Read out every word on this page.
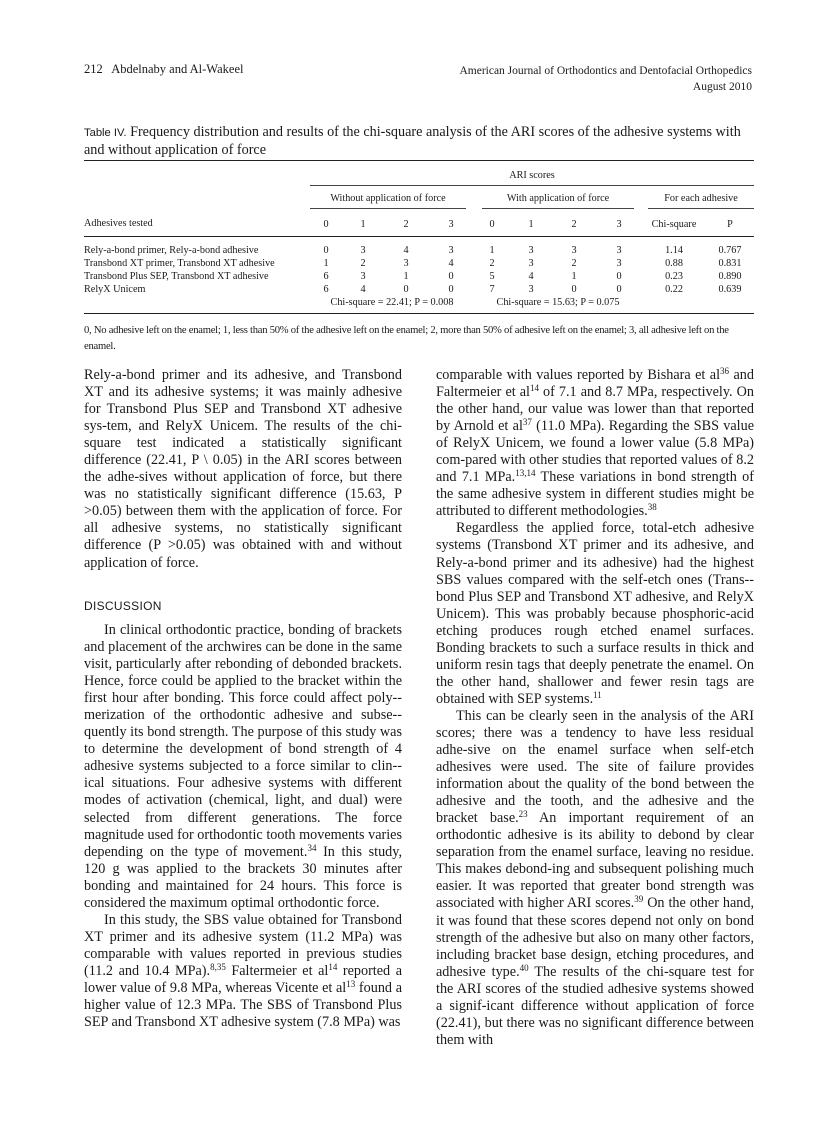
212 Abdelnaby and Al-Wakeel	American Journal of Orthodontics and Dentofacial Orthopedics
August 2010
Table IV. Frequency distribution and results of the chi-square analysis of the ARI scores of the adhesive systems with and without application of force

	ARI scores									

	Without application of force				With application of force				For each adhesive	

Adhesives tested	0	1	2	3	0	1	2	3	Chi-square	P

Rely-a-bond primer, Rely-a-bond adhesive	0	3	4	3	1	3	3	3	1.14	0.767
Transbond XT primer, Transbond XT adhesive	1	2	3	4	2	3	2	3	0.88	0.831
Transbond Plus SEP, Transbond XT adhesive	6	3	1	0	5	4	1	0	0.23	0.890
RelyX Unicem	6	4	0	0	7	3	0	0	0.22	0.639
	Chi-square = 22.41; P = 0.008				Chi-square = 15.63; P = 0.075					
0, No adhesive left on the enamel; 1, less than 50% of the adhesive left on the enamel; 2, more than 50% of adhesive left on the enamel; 3, all adhesive left on the enamel.

Rely-a-bond primer and its adhesive, and Transbond XT and its adhesive systems; it was mainly adhesive for Transbond Plus SEP and Transbond XT adhesive sys-tem, and RelyX Unicem. The results of the chi-square test indicated a statistically significant difference (22.41, P \ 0.05) in the ARI scores between the adhe-sives without application of force, but there was no statistically significant difference (15.63, P >0.05) between them with the application of force. For all adhesive systems, no statistically significant difference (P >0.05) was obtained with and without application of force.

DISCUSSION

In clinical orthodontic practice, bonding of brackets and placement of the archwires can be done in the same visit, particularly after rebonding of debonded brackets. Hence, force could be applied to the bracket within the first hour after bonding. This force could affect poly-merization of the orthodontic adhesive and subse-quently its bond strength. The purpose of this study was to determine the development of bond strength of 4 adhesive systems subjected to a force similar to clin-ical situations. Four adhesive systems with different modes of activation (chemical, light, and dual) were selected from different generations. The force magnitude used for orthodontic tooth movements varies depending on the type of movement.$^{34}$ In this study, 120 g was applied to the brackets 30 minutes after bonding and maintained for 24 hours. This force is considered the maximum optimal orthodontic force.

In this study, the SBS value obtained for Transbond XT primer and its adhesive system (11.2 MPa) was comparable with values reported in previous studies (11.2 and 10.4 MPa).$^{8,35}$ Faltermeier et $al^{14}$ reported a lower value of 9.8 MPa, whereas Vicente et $al^{13}$ found a higher value of 12.3 MPa. The SBS of Transbond Plus SEP and Transbond XT adhesive system (7.8 MPa) was

comparable with values reported by Bishara et $al^{36}$ and Faltermeier et $al^{14}$ of 7.1 and 8.7 MPa, respectively. On the other hand, our value was lower than that reported by Arnold et $al^{37}$ (11.0 MPa). Regarding the SBS value of RelyX Unicem, we found a lower value (5.8 MPa) com-pared with other studies that reported values of 8.2 and 7.1 MPa.$^{13,14}$ These variations in bond strength of the same adhesive system in different studies might be attributed to different methodologies.$^{38}$

Regardless the applied force, total-etch adhesive systems (Transbond XT primer and its adhesive, and Rely-a-bond primer and its adhesive) had the highest SBS values compared with the self-etch ones (Trans-bond Plus SEP and Transbond XT adhesive, and RelyX Unicem). This was probably because phosphoric-acid etching produces rough etched enamel surfaces. Bonding brackets to such a surface results in thick and uniform resin tags that deeply penetrate the enamel. On the other hand, shallower and fewer resin tags are obtained with SEP systems.$^{11}$

This can be clearly seen in the analysis of the ARI scores; there was a tendency to have less residual adhe-sive on the enamel surface when self-etch adhesives were used. The site of failure provides information about the quality of the bond between the adhesive and the tooth, and the adhesive and the bracket base.$^{23}$ An important requirement of an orthodontic adhesive is its ability to debond by clear separation from the enamel surface, leaving no residue. This makes debond-ing and subsequent polishing much easier. It was reported that greater bond strength was associated with higher ARI scores.$^{39}$ On the other hand, it was found that these scores depend not only on bond strength of the adhesive but also on many other factors, including bracket base design, etching procedures, and adhesive type.$^{40}$ The results of the chi-square test for the ARI scores of the studied adhesive systems showed a signif-icant difference without application of force (22.41), but there was no significant difference between them with
